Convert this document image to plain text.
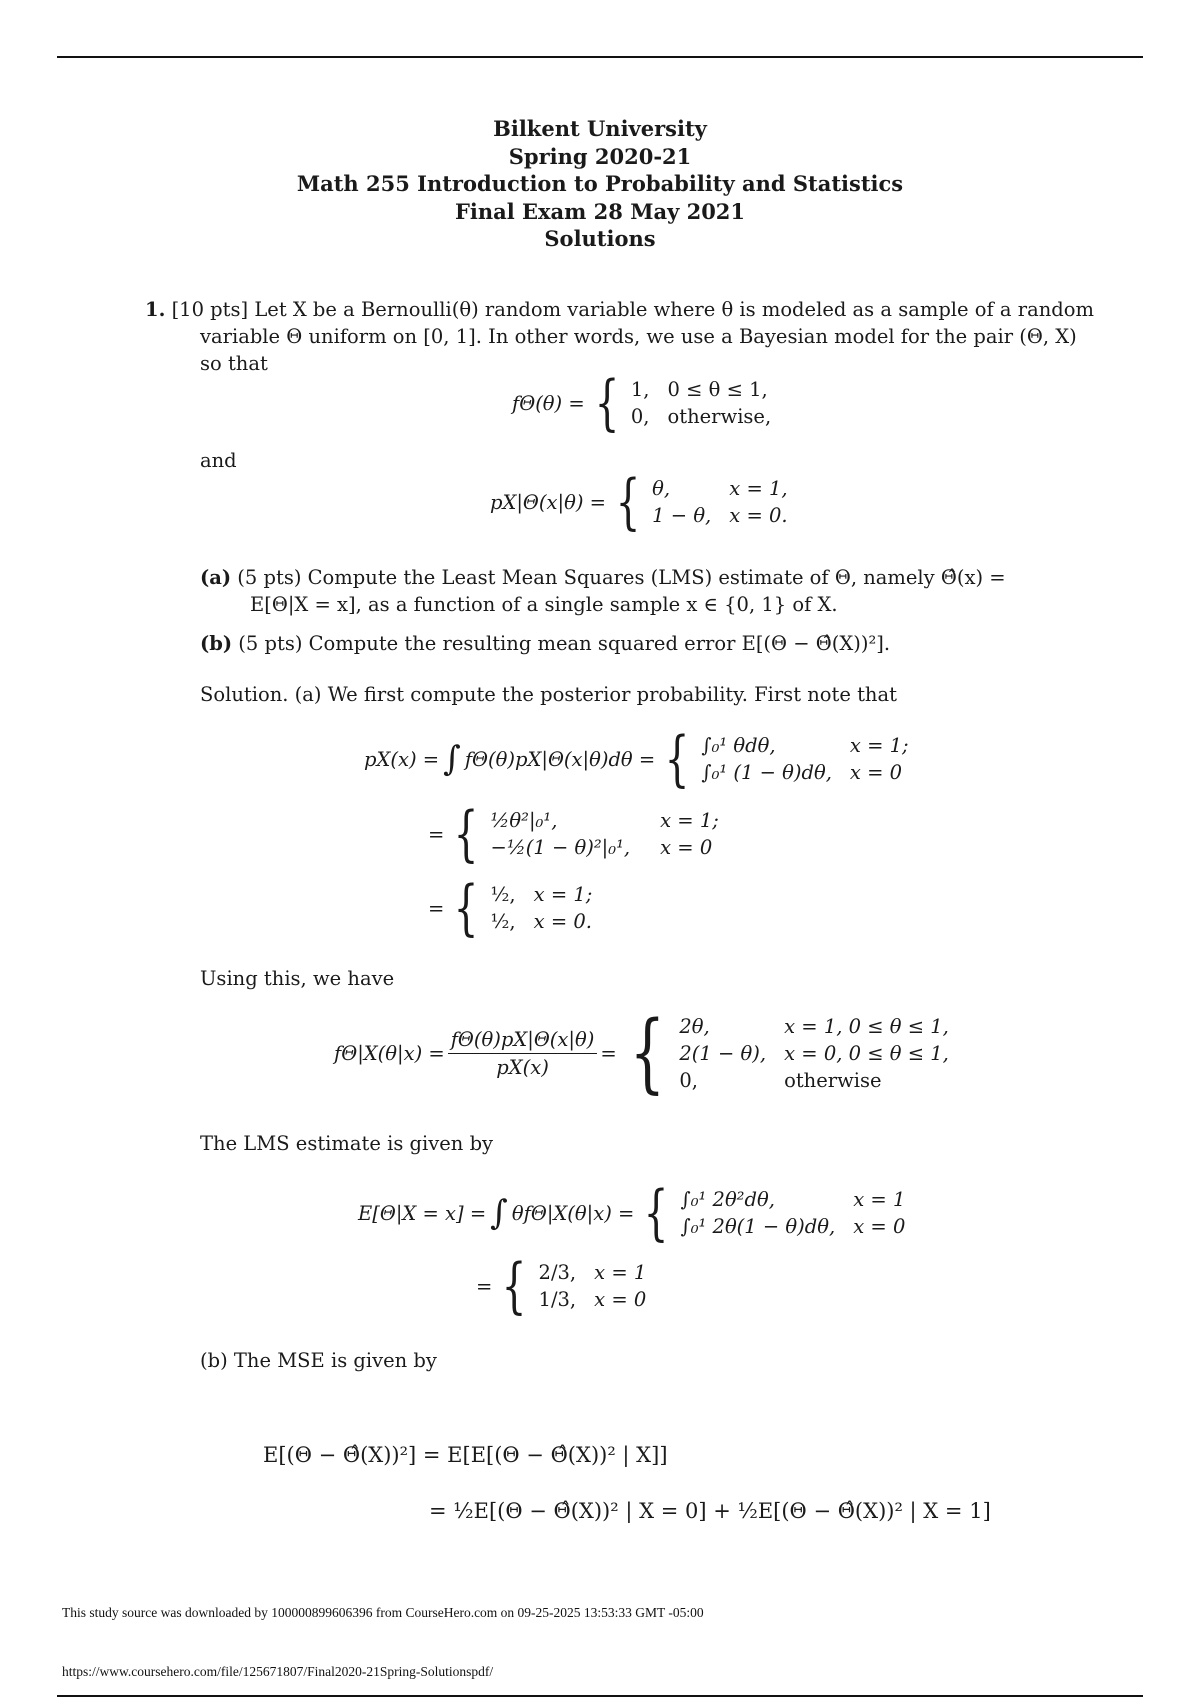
Bilkent University
Spring 2020-21
Math 255 Introduction to Probability and Statistics
Final Exam 28 May 2021
Solutions
1. [10 pts] Let X be a Bernoulli(θ) random variable where θ is modeled as a sample of a random
variable Θ uniform on [0, 1]. In other words, we use a Bayesian model for the pair (Θ, X)
so that
fΘ(θ) = { 1, 0 ≤ θ ≤ 1,
0, otherwise,
and
pX|Θ(x|θ) = { θ,	x = 1,
1 − θ, x = 0.
(a) (5 pts) Compute the Least Mean Squares (LMS) estimate of Θ, namely Θ̂(x) =
E[Θ|X = x], as a function of a single sample x ∈ {0, 1} of X.
(b) (5 pts) Compute the resulting mean squared error E[(Θ − Θ̂(X))²].
Solution. (a) We first compute the posterior probability. First note that
pX(x) = ∫ fΘ(θ)pX|Θ(x|θ)dθ = { ∫₀¹ θdθ,	x = 1;
∫₀¹ (1 − θ)dθ, x = 0
= { ½θ²|₀¹,	x = 1;
−½(1 − θ)²|₀¹, x = 0
= { ½, x = 1;
½, x = 0.
Using this, we have
$f\Theta|X(\theta|x) = \frac{f\Theta(\theta)pX|\Theta(x|\theta)}{pX(x)}$ = { 2θ,	x = 1, 0 ≤ θ ≤ 1,
2(1 − θ), x = 0, 0 ≤ θ ≤ 1,
0,	otherwise
The LMS estimate is given by
E[Θ|X = x] = ∫ θfΘ|X(θ|x) = { ∫₀¹ 2θ²dθ,	x = 1
∫₀¹ 2θ(1 − θ)dθ, x = 0
= { 2/3, x = 1
1/3, x = 0
(b) The MSE is given by
E[(Θ − Θ̂(X))²] = E[E[(Θ − Θ̂(X))² | X]]
= ½E[(Θ − Θ̂(X))² | X = 0] + ½E[(Θ − Θ̂(X))² | X = 1]
This study source was downloaded by 100000899606396 from CourseHero.com on 09-25-2025 13:53:33 GMT -05:00
https://www.coursehero.com/file/125671807/Final2020-21Spring-Solutionspdf/
